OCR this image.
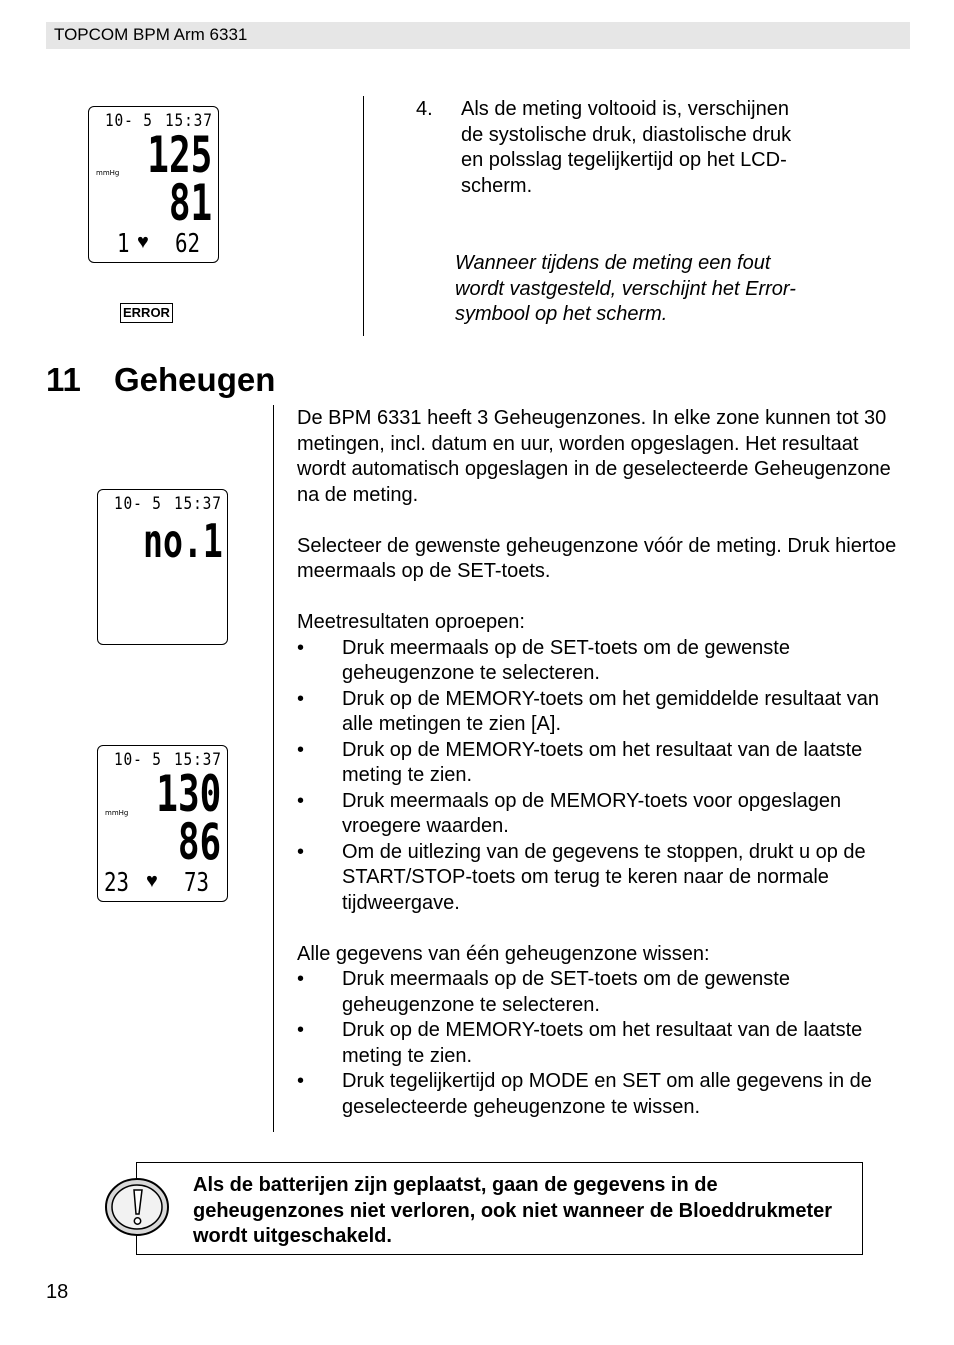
TOPCOM BPM Arm 6331
10- 5 15:37
mmHg 125
81
1 ♥ 62
ERROR
4. Als de meting voltooid is, verschijnen de systolische druk, diastolische druk en polsslag tegelijkertijd op het LCD-scherm.
Wanneer tijdens de meting een fout wordt vastgesteld, verschijnt het Error-symbool op het scherm.
11 Geheugen
10- 5 15:37
no.1
10- 5 15:37
mmHg 130
86
23 ♥ 73

De BPM 6331 heeft 3 Geheugenzones. In elke zone kunnen tot 30 metingen, incl. datum en uur, worden opgeslagen. Het resultaat wordt automatisch opgeslagen in de geselecteerde Geheugenzone na de meting.

Selecteer de gewenste geheugenzone vóór de meting. Druk hiertoe meermaals op de SET-toets.

Meetresultaten oproepen:

• Druk meermaals op de SET-toets om de gewenste geheugenzone te selecteren.
• Druk op de MEMORY-toets om het gemiddelde resultaat van alle metingen te zien [A].
• Druk op de MEMORY-toets om het resultaat van de laatste meting te zien.
• Druk meermaals op de MEMORY-toets voor opgeslagen vroegere waarden.
• Om de uitlezing van de gegevens te stoppen, drukt u op de START/STOP-toets om terug te keren naar de normale tijdweergave.

Alle gegevens van één geheugenzone wissen:

• Druk meermaals op de SET-toets om de gewenste geheugenzone te selecteren.
• Druk op de MEMORY-toets om het resultaat van de laatste meting te zien.
• Druk tegelijkertijd op MODE en SET om alle gegevens in de geselecteerde geheugenzone te wissen.
Als de batterijen zijn geplaatst, gaan de gegevens in de geheugenzones niet verloren, ook niet wanneer de Bloeddrukmeter wordt uitgeschakeld.
18
